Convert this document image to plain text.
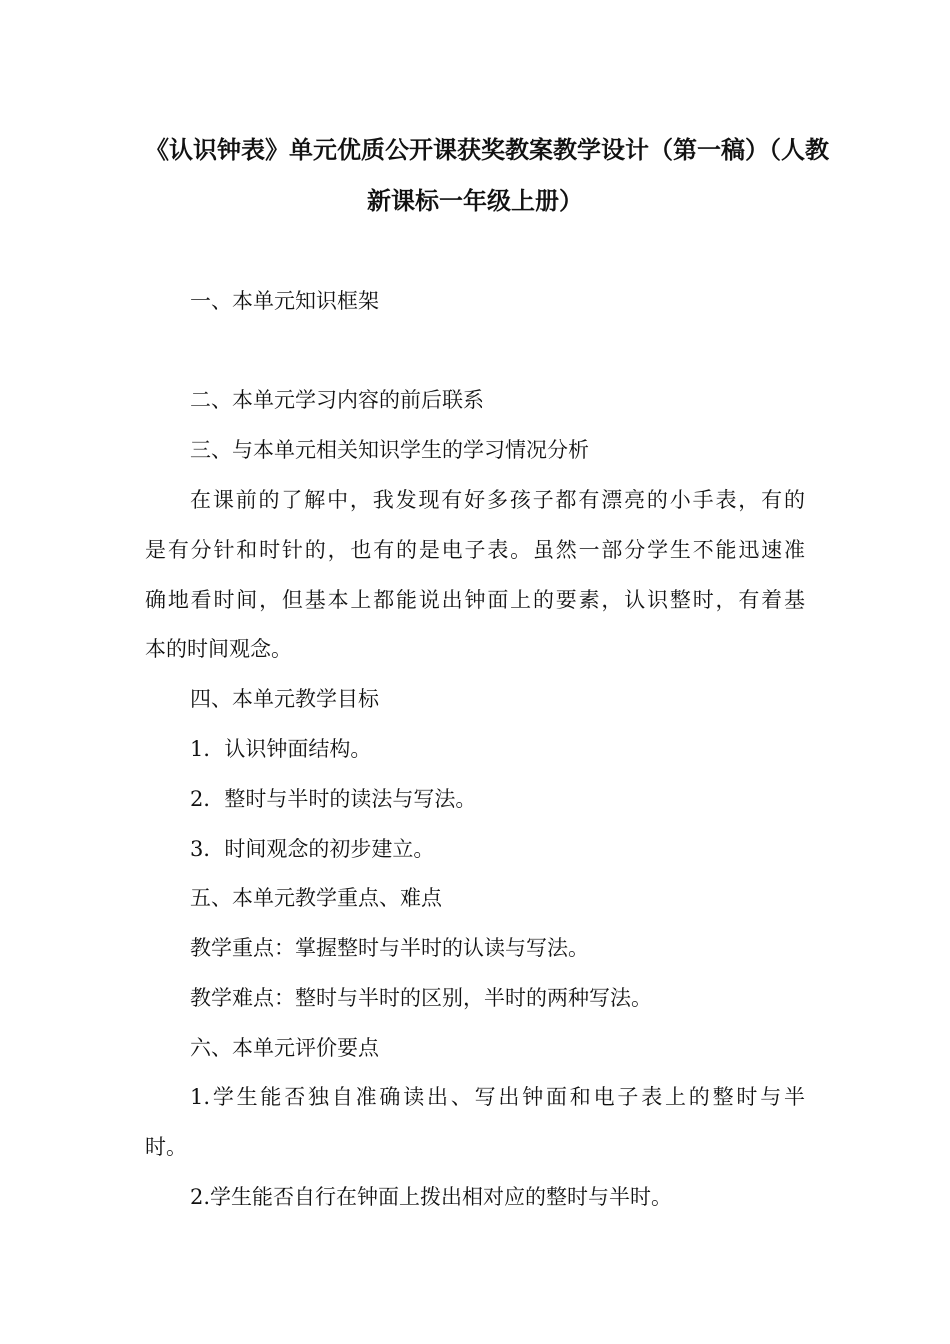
《认识钟表》单元优质公开课获奖教案教学设计（第一稿）（人教
新课标一年级上册）
一、本单元知识框架
二、本单元学习内容的前后联系
三、与本单元相关知识学生的学习情况分析
在课前的了解中，我发现有好多孩子都有漂亮的小手表，有的
是有分针和时针的，也有的是电子表。虽然一部分学生不能迅速准
确地看时间，但基本上都能说出钟面上的要素，认识整时，有着基
本的时间观念。
四、本单元教学目标
1．认识钟面结构。
2．整时与半时的读法与写法。
3．时间观念的初步建立。
五、本单元教学重点、难点
教学重点：掌握整时与半时的认读与写法。
教学难点：整时与半时的区别，半时的两种写法。
六、本单元评价要点
1.学生能否独自准确读出、写出钟面和电子表上的整时与半
时。
2.学生能否自行在钟面上拨出相对应的整时与半时。
